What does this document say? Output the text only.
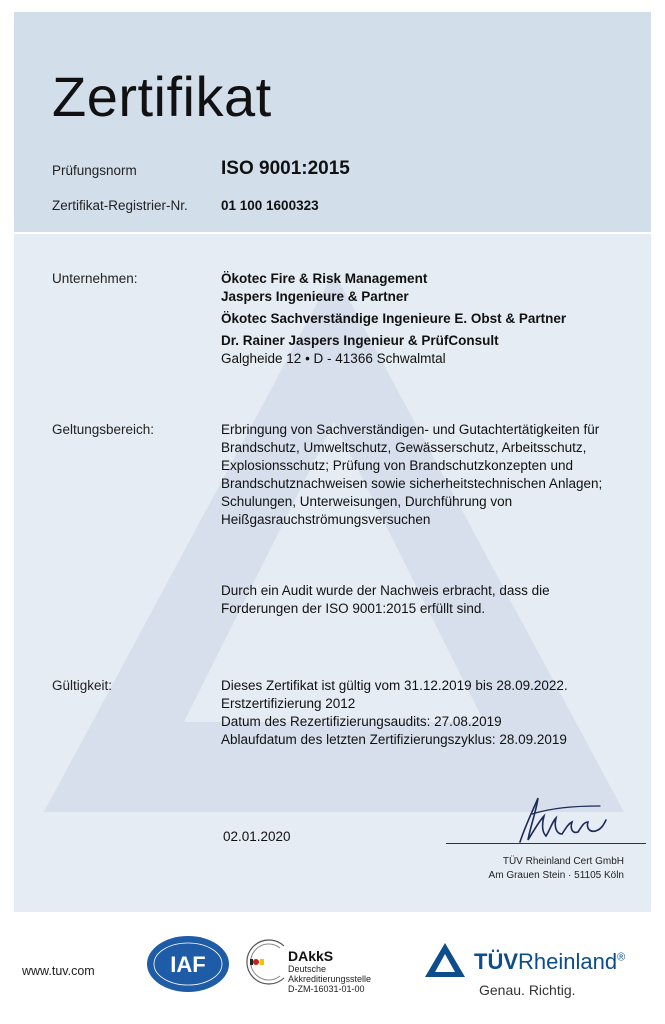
Zertifikat
Prüfungsnorm	ISO 9001:2015
Zertifikat-Registrier-Nr. 01 100 1600323
Unternehmen:	Ökotec Fire & Risk Management
Jaspers Ingenieure & Partner
Ökotec Sachverständige Ingenieure E. Obst & Partner
Dr. Rainer Jaspers Ingenieur & PrüfConsult
Galgheide 12 • D - 41366 Schwalmtal
Geltungsbereich:	Erbringung von Sachverständigen- und Gutachtertätigkeiten für
Brandschutz, Umweltschutz, Gewässerschutz, Arbeitsschutz,
Explosionsschutz; Prüfung von Brandschutzkonzepten und
Brandschutznachweisen sowie sicherheitstechnischen Anlagen;
Schulungen, Unterweisungen, Durchführung von
Heißgasrauchströmungsversuchen
Durch ein Audit wurde der Nachweis erbracht, dass die
Forderungen der ISO 9001:2015 erfüllt sind.
Gültigkeit:	Dieses Zertifikat ist gültig vom 31.12.2019 bis 28.09.2022.
Erstzertifizierung 2012
Datum des Rezertifizierungsaudits: 27.08.2019
Ablaufdatum des letzten Zertifizierungszyklus: 28.09.2019
02.01.2020
TÜV Rheinland Cert GmbH
Am Grauen Stein · 51105 Köln
www.tuv.com	IAF	DAkkS
Deutsche
Akkreditierungsstelle
D-ZM-16031-01-00
TÜVRheinland®
Genau. Richtig.
